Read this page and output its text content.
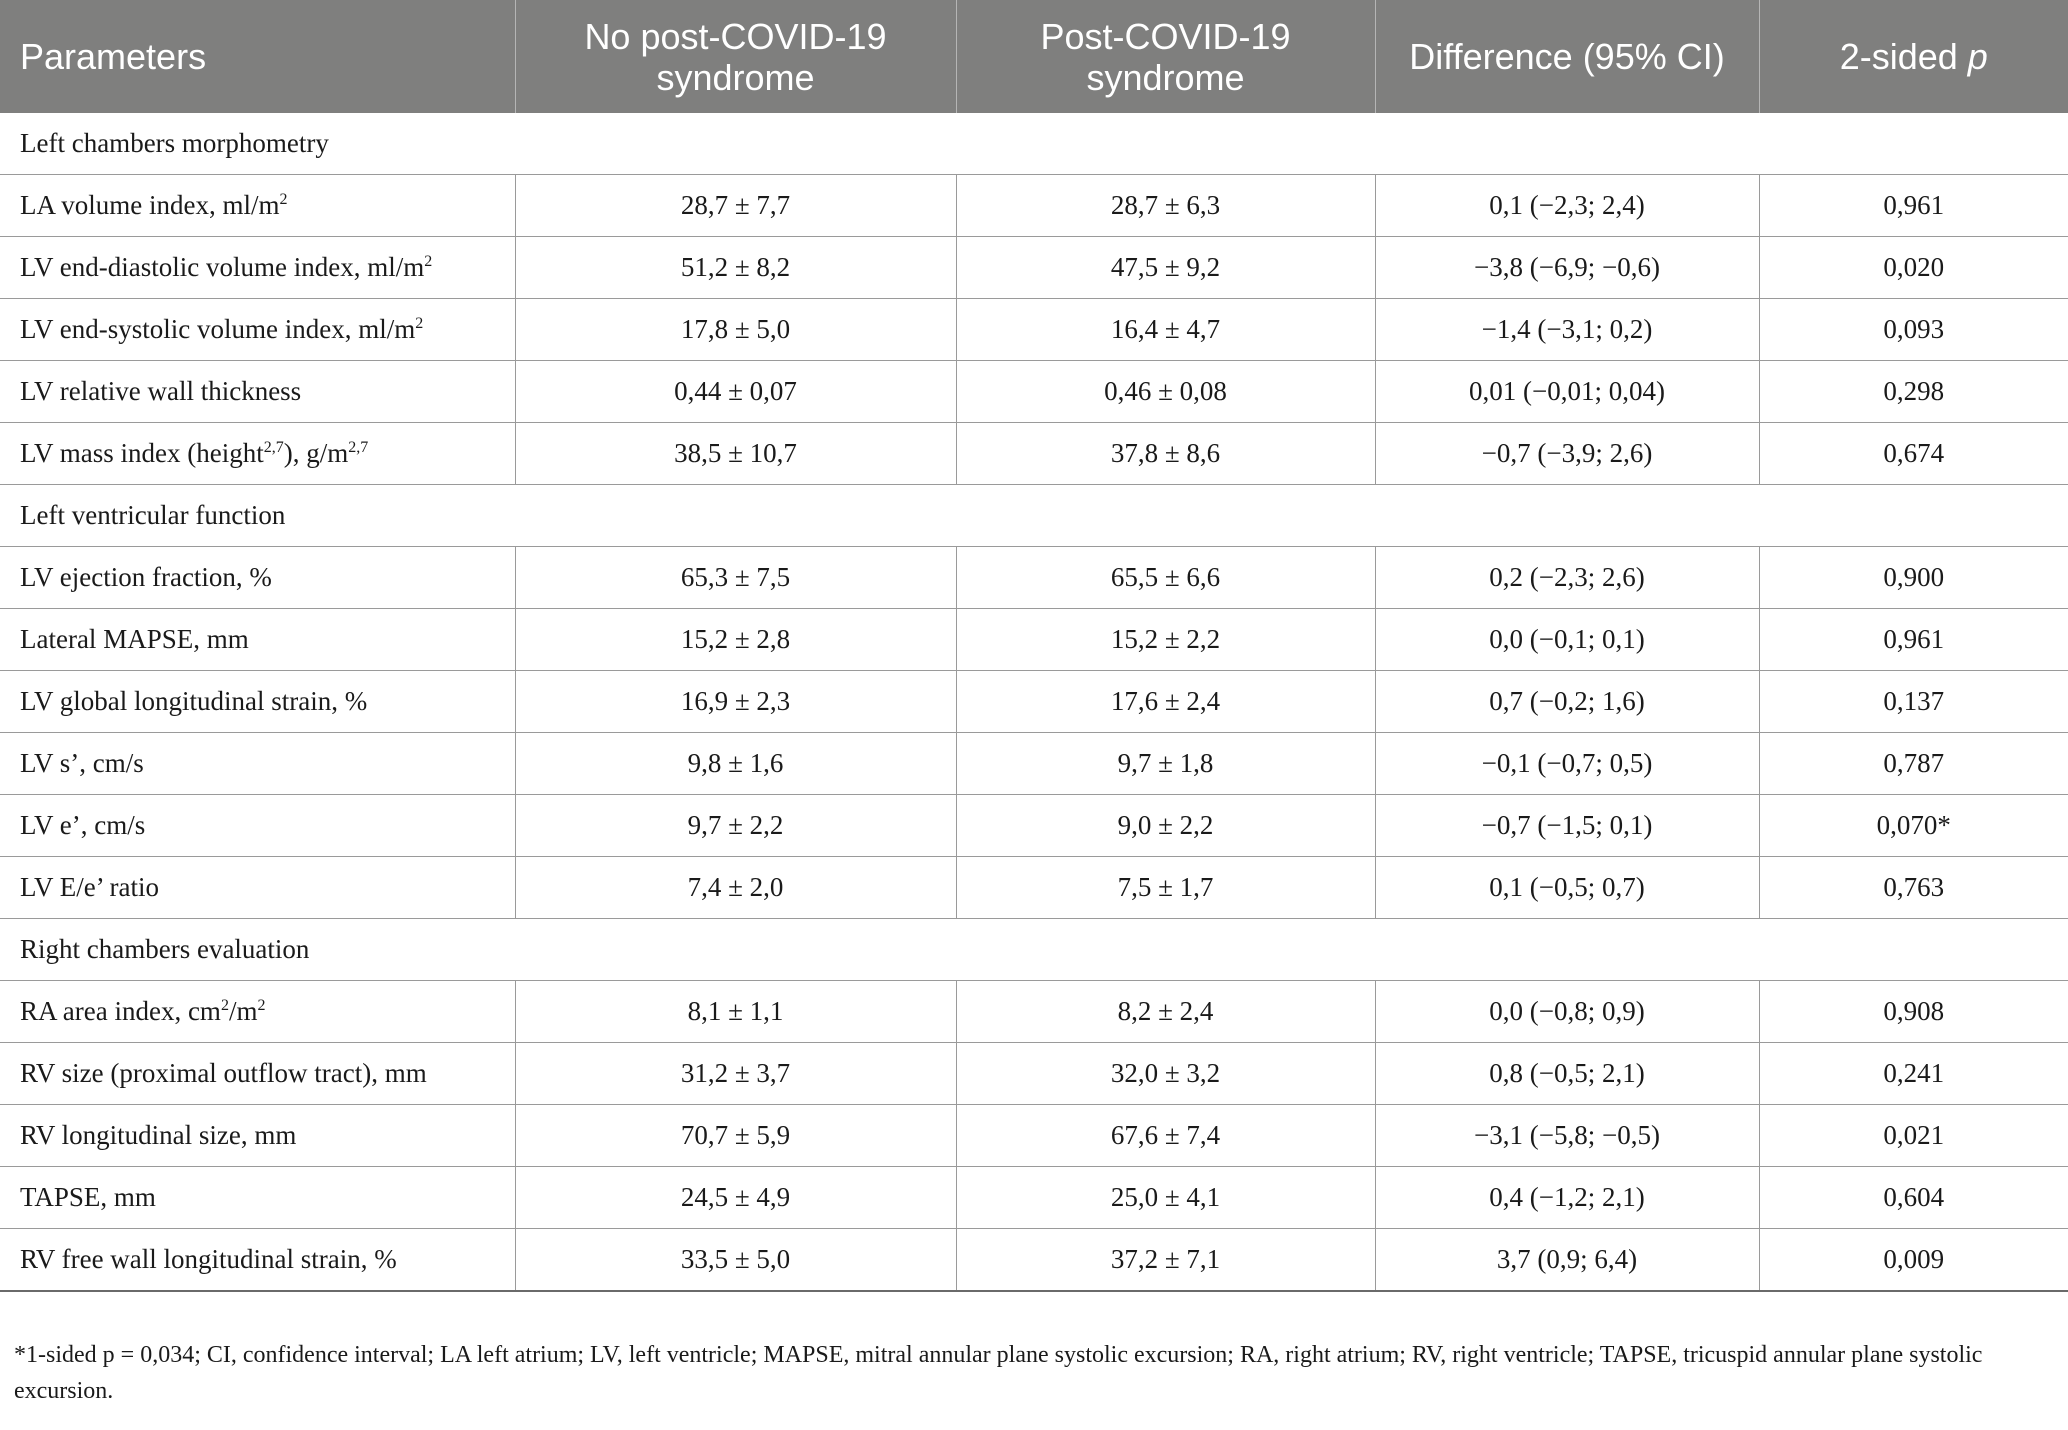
Parameters	No post-COVID-19 syndrome	Post-COVID-19 syndrome	Difference (95% CI)	2-sided p
Left chambers morphometry				
LA volume index, $ml/m^2$	28,7 ± 7,7	28,7 ± 6,3	0,1 (−2,3; 2,4)	0,961
LV end-diastolic volume index, $ml/m^2$	51,2 ± 8,2	47,5 ± 9,2	−3,8 (−6,9; −0,6)	0,020
LV end-systolic volume index, $ml/m^2$	17,8 ± 5,0	16,4 ± 4,7	−1,4 (−3,1; 0,2)	0,093
LV relative wall thickness	0,44 ± 0,07	0,46 ± 0,08	0,01 (−0,01; 0,04)	0,298
LV mass index (height$^{2,7}$), $g/m^{2,7}$	38,5 ± 10,7	37,8 ± 8,6	−0,7 (−3,9; 2,6)	0,674
Left ventricular function				
LV ejection fraction, %	65,3 ± 7,5	65,5 ± 6,6	0,2 (−2,3; 2,6)	0,900
Lateral MAPSE, mm	15,2 ± 2,8	15,2 ± 2,2	0,0 (−0,1; 0,1)	0,961
LV global longitudinal strain, %	16,9 ± 2,3	17,6 ± 2,4	0,7 (−0,2; 1,6)	0,137
LV s’, cm/s	9,8 ± 1,6	9,7 ± 1,8	−0,1 (−0,7; 0,5)	0,787
LV e’, cm/s	9,7 ± 2,2	9,0 ± 2,2	−0,7 (−1,5; 0,1)	0,070*
LV E/e’ ratio	7,4 ± 2,0	7,5 ± 1,7	0,1 (−0,5; 0,7)	0,763
Right chambers evaluation				
RA area index, $cm^2/m^2$	8,1 ± 1,1	8,2 ± 2,4	0,0 (−0,8; 0,9)	0,908
RV size (proximal outflow tract), mm	31,2 ± 3,7	32,0 ± 3,2	0,8 (−0,5; 2,1)	0,241
RV longitudinal size, mm	70,7 ± 5,9	67,6 ± 7,4	−3,1 (−5,8; −0,5)	0,021
TAPSE, mm	24,5 ± 4,9	25,0 ± 4,1	0,4 (−1,2; 2,1)	0,604
RV free wall longitudinal strain, %	33,5 ± 5,0	37,2 ± 7,1	3,7 (0,9; 6,4)	0,009
*1-sided p = 0,034; CI, confidence interval; LA left atrium; LV, left ventricle; MAPSE, mitral annular plane systolic excursion; RA, right atrium; RV, right ventricle; TAPSE, tricuspid annular plane systolic excursion.
